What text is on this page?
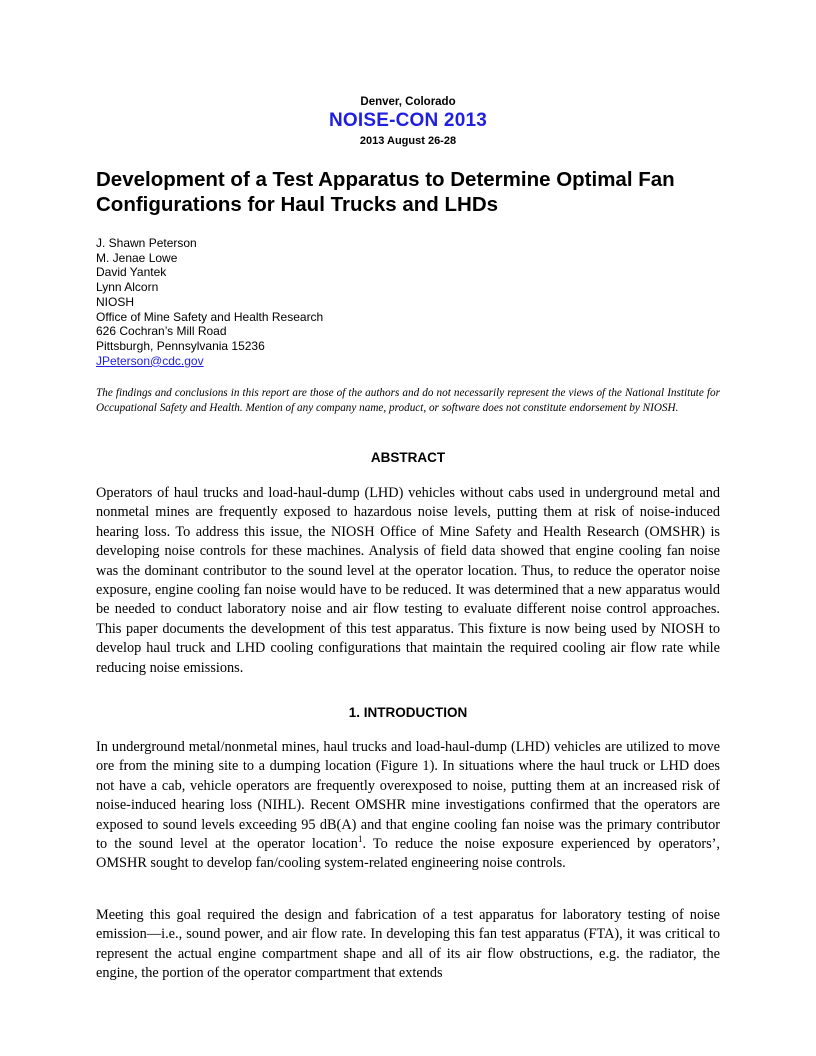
Denver, Colorado
NOISE-CON 2013
2013 August 26-28
Development of a Test Apparatus to Determine Optimal Fan Configurations for Haul Trucks and LHDs
J. Shawn Peterson
M. Jenae Lowe
David Yantek
Lynn Alcorn
NIOSH
Office of Mine Safety and Health Research
626 Cochran’s Mill Road
Pittsburgh, Pennsylvania 15236
JPeterson@cdc.gov

The findings and conclusions in this report are those of the authors and do not necessarily represent the views of the National Institute for Occupational Safety and Health. Mention of any company name, product, or software does not constitute endorsement by NIOSH.

ABSTRACT

Operators of haul trucks and load-haul-dump (LHD) vehicles without cabs used in underground metal and nonmetal mines are frequently exposed to hazardous noise levels, putting them at risk of noise-induced hearing loss. To address this issue, the NIOSH Office of Mine Safety and Health Research (OMSHR) is developing noise controls for these machines. Analysis of field data showed that engine cooling fan noise was the dominant contributor to the sound level at the operator location. Thus, to reduce the operator noise exposure, engine cooling fan noise would have to be reduced. It was determined that a new apparatus would be needed to conduct laboratory noise and air flow testing to evaluate different noise control approaches. This paper documents the development of this test apparatus. This fixture is now being used by NIOSH to develop haul truck and LHD cooling configurations that maintain the required cooling air flow rate while reducing noise emissions.

1. INTRODUCTION

In underground metal/nonmetal mines, haul trucks and load-haul-dump (LHD) vehicles are utilized to move ore from the mining site to a dumping location (Figure 1). In situations where the haul truck or LHD does not have a cab, vehicle operators are frequently overexposed to noise, putting them at an increased risk of noise-induced hearing loss (NIHL). Recent OMSHR mine investigations confirmed that the operators are exposed to sound levels exceeding 95 dB(A) and that engine cooling fan noise was the primary contributor to the sound level at the operator location$^1$. To reduce the noise exposure experienced by operators’, OMSHR sought to develop fan/cooling system-related engineering noise controls.

Meeting this goal required the design and fabrication of a test apparatus for laboratory testing of noise emission—i.e., sound power, and air flow rate. In developing this fan test apparatus (FTA), it was critical to represent the actual engine compartment shape and all of its air flow obstructions, e.g. the radiator, the engine, the portion of the operator compartment that extends
